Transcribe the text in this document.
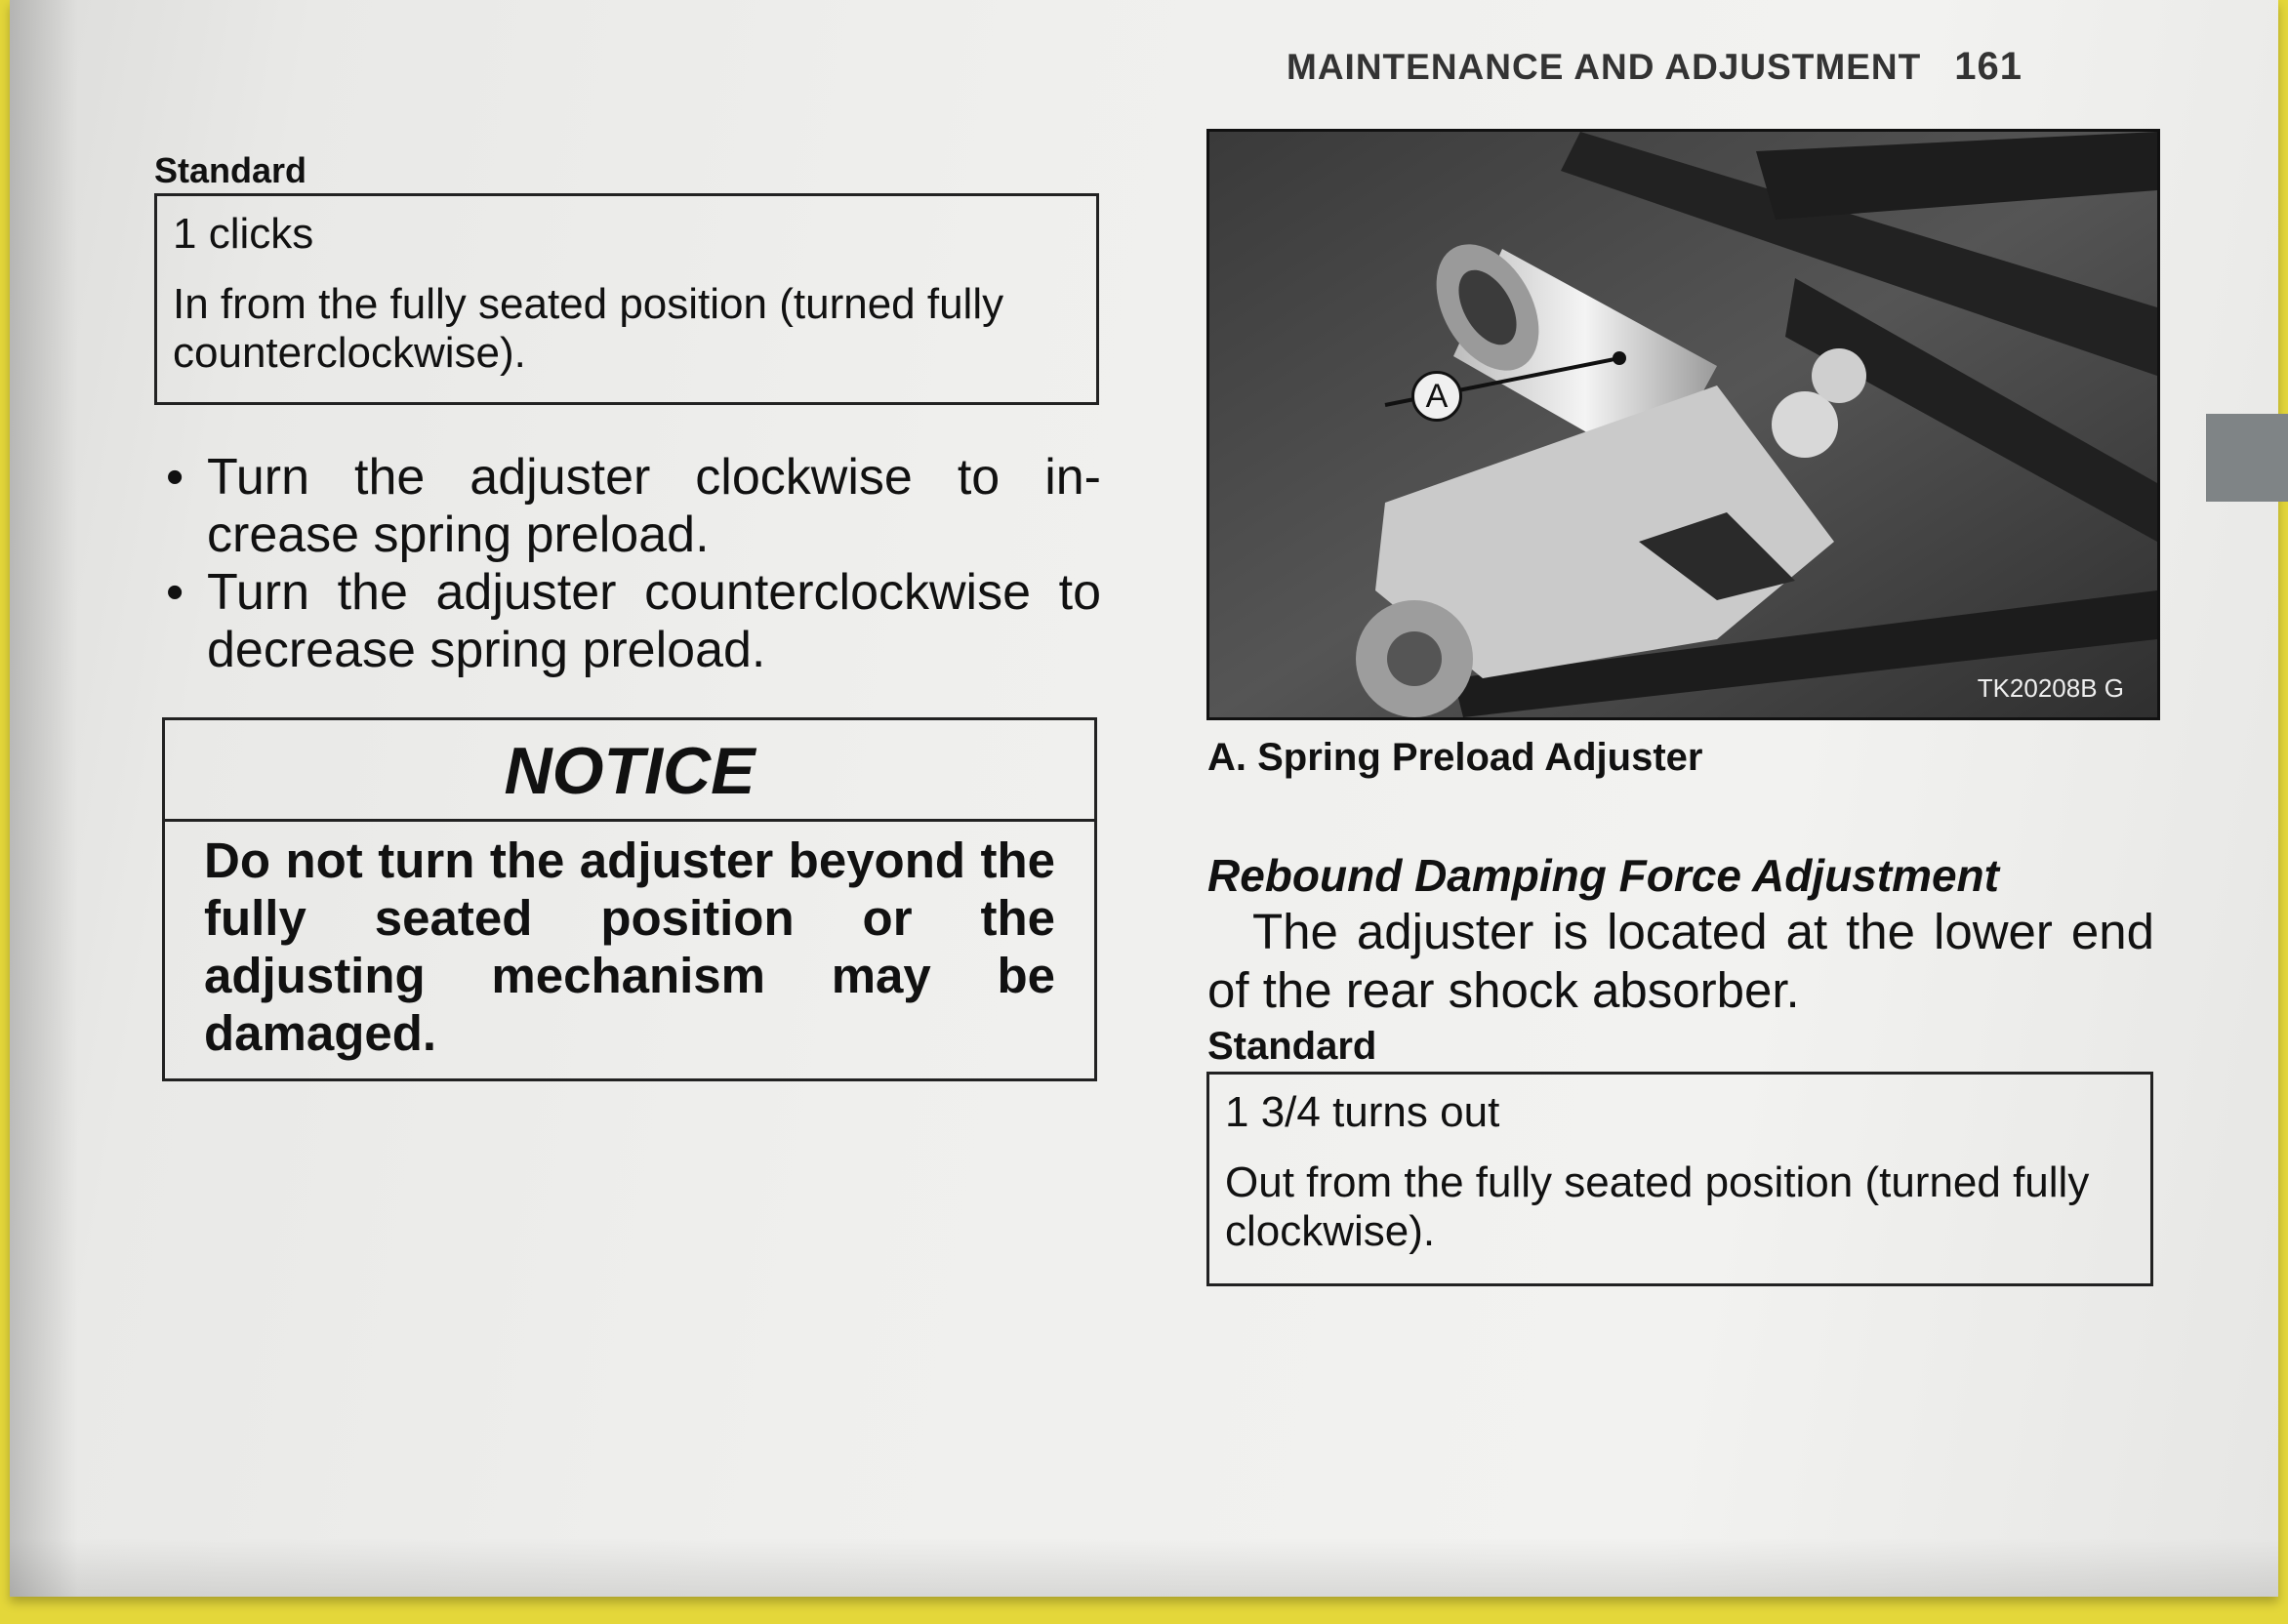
MAINTENANCE AND ADJUSTMENT 161
Standard
1 clicks
In from the fully seated position (turned fully counterclockwise).
• Turn the adjuster clockwise to in- crease spring preload.
• Turn the adjuster counterclockwise to decrease spring preload.
NOTICE
Do not turn the adjuster beyond the fully seated position or the adjusting mechanism may be damaged.
TK20208B G
A
A. Spring Preload Adjuster
Rebound Damping Force Adjustment
The adjuster is located at the lower end of the rear shock absorber.
Standard
1 3/4 turns out
Out from the fully seated position (turned fully clockwise).
